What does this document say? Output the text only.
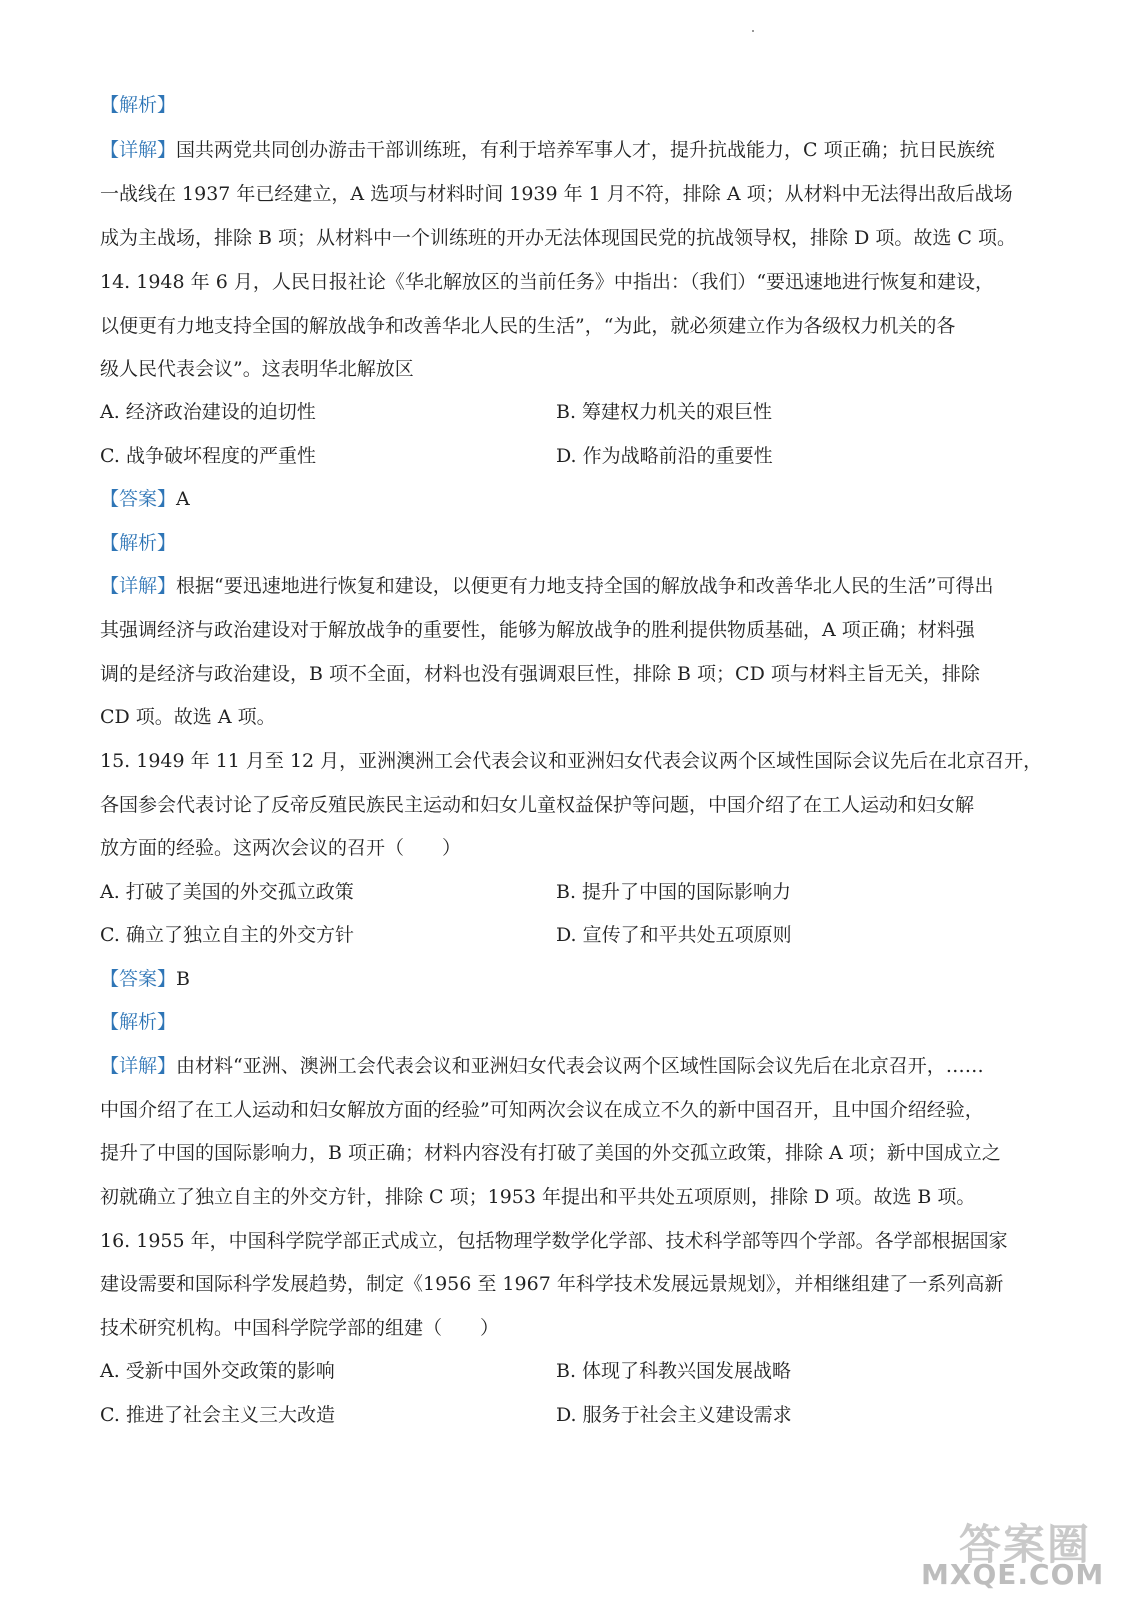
【解析】
【详解】国共两党共同创办游击干部训练班，有利于培养军事人才，提升抗战能力，C 项正确；抗日民族统
一战线在 1937 年已经建立，A 选项与材料时间 1939 年 1 月不符，排除 A 项；从材料中无法得出敌后战场
成为主战场，排除 B 项；从材料中一个训练班的开办无法体现国民党的抗战领导权，排除 D 项。故选 C 项。
14. 1948 年 6 月，人民日报社论《华北解放区的当前任务》中指出：（我们）“要迅速地进行恢复和建设，
以便更有力地支持全国的解放战争和改善华北人民的生活”，“为此，就必须建立作为各级权力机关的各
级人民代表会议”。这表明华北解放区
A. 经济政治建设的迫切性	B. 筹建权力机关的艰巨性
C. 战争破坏程度的严重性	D. 作为战略前沿的重要性
【答案】A
【解析】
【详解】根据“要迅速地进行恢复和建设，以便更有力地支持全国的解放战争和改善华北人民的生活”可得出
其强调经济与政治建设对于解放战争的重要性，能够为解放战争的胜利提供物质基础，A 项正确；材料强
调的是经济与政治建设，B 项不全面，材料也没有强调艰巨性，排除 B 项；CD 项与材料主旨无关，排除
CD 项。故选 A 项。
15. 1949 年 11 月至 12 月，亚洲澳洲工会代表会议和亚洲妇女代表会议两个区域性国际会议先后在北京召开，
各国参会代表讨论了反帝反殖民族民主运动和妇女儿童权益保护等问题，中国介绍了在工人运动和妇女解
放方面的经验。这两次会议的召开（　　）
A. 打破了美国的外交孤立政策	B. 提升了中国的国际影响力
C. 确立了独立自主的外交方针	D. 宣传了和平共处五项原则
【答案】B
【解析】
【详解】由材料“亚洲、澳洲工会代表会议和亚洲妇女代表会议两个区域性国际会议先后在北京召开，……
中国介绍了在工人运动和妇女解放方面的经验”可知两次会议在成立不久的新中国召开，且中国介绍经验，
提升了中国的国际影响力，B 项正确；材料内容没有打破了美国的外交孤立政策，排除 A 项；新中国成立之
初就确立了独立自主的外交方针，排除 C 项；1953 年提出和平共处五项原则，排除 D 项。故选 B 项。
16. 1955 年，中国科学院学部正式成立，包括物理学数学化学部、技术科学部等四个学部。各学部根据国家
建设需要和国际科学发展趋势，制定《1956 至 1967 年科学技术发展远景规划》，并相继组建了一系列高新
技术研究机构。中国科学院学部的组建（　　）
A. 受新中国外交政策的影响	B. 体现了科教兴国发展战略
C. 推进了社会主义三大改造	D. 服务于社会主义建设需求
答案圈
MXQE.COM
